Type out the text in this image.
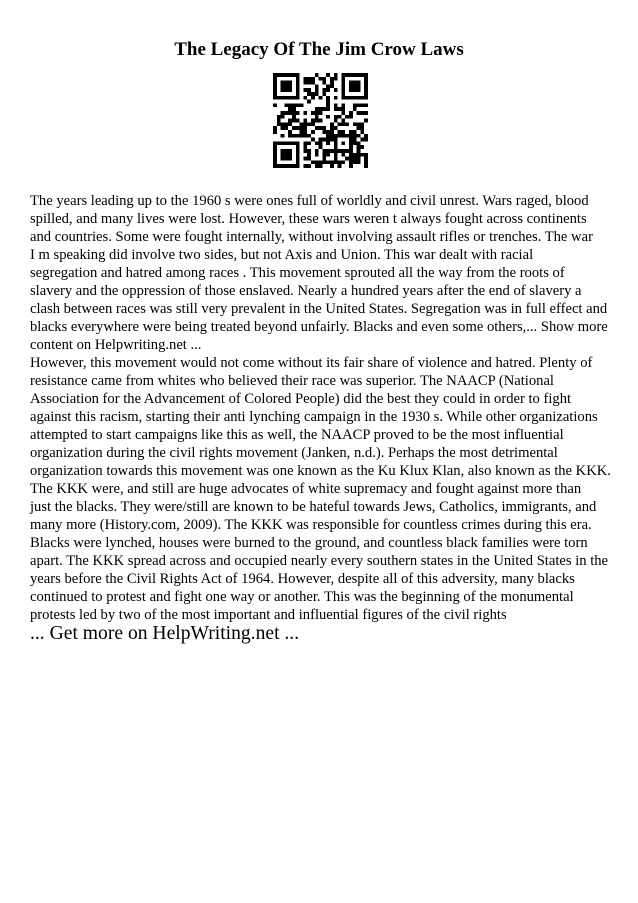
The Legacy Of The Jim Crow Laws
The years leading up to the 1960 s were ones full of worldly and civil unrest. Wars raged, blood
spilled, and many lives were lost. However, these wars weren t always fought across continents
and countries. Some were fought internally, without involving assault rifles or trenches. The war
I m speaking did involve two sides, but not Axis and Union. This war dealt with racial
segregation and hatred among races . This movement sprouted all the way from the roots of
slavery and the oppression of those enslaved. Nearly a hundred years after the end of slavery a
clash between races was still very prevalent in the United States. Segregation was in full effect and
blacks everywhere were being treated beyond unfairly. Blacks and even some others,... Show more
content on Helpwriting.net ...
However, this movement would not come without its fair share of violence and hatred. Plenty of
resistance came from whites who believed their race was superior. The NAACP (National
Association for the Advancement of Colored People) did the best they could in order to fight
against this racism, starting their anti lynching campaign in the 1930 s. While other organizations
attempted to start campaigns like this as well, the NAACP proved to be the most influential
organization during the civil rights movement (Janken, n.d.). Perhaps the most detrimental
organization towards this movement was one known as the Ku Klux Klan, also known as the KKK.
The KKK were, and still are huge advocates of white supremacy and fought against more than
just the blacks. They were/still are known to be hateful towards Jews, Catholics, immigrants, and
many more (History.com, 2009). The KKK was responsible for countless crimes during this era.
Blacks were lynched, houses were burned to the ground, and countless black families were torn
apart. The KKK spread across and occupied nearly every southern states in the United States in the
years before the Civil Rights Act of 1964. However, despite all of this adversity, many blacks
continued to protest and fight one way or another. This was the beginning of the monumental
protests led by two of the most important and influential figures of the civil rights

... Get more on HelpWriting.net ...
